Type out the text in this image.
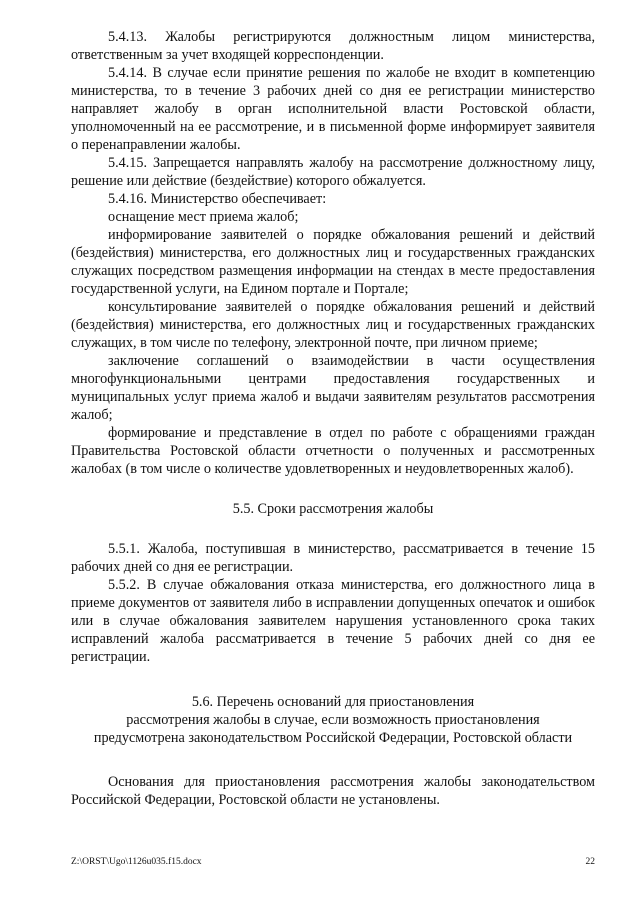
5.4.13. Жалобы регистрируются должностным лицом министерства, ответственным за учет входящей корреспонденции.

5.4.14. В случае если принятие решения по жалобе не входит в компетенцию министерства, то в течение 3 рабочих дней со дня ее регистрации министерство направляет жалобу в орган исполнительной власти Ростовской области, уполномоченный на ее рассмотрение, и в письменной форме информирует заявителя о перенаправлении жалобы.

5.4.15. Запрещается направлять жалобу на рассмотрение должностному лицу, решение или действие (бездействие) которого обжалуется.

5.4.16. Министерство обеспечивает:

оснащение мест приема жалоб;

информирование заявителей о порядке обжалования решений и действий (бездействия) министерства, его должностных лиц и государственных гражданских служащих посредством размещения информации на стендах в месте предоставления государственной услуги, на Едином портале и Портале;

консультирование заявителей о порядке обжалования решений и действий (бездействия) министерства, его должностных лиц и государственных гражданских служащих, в том числе по телефону, электронной почте, при личном приеме;

заключение соглашений о взаимодействии в части осуществления многофункциональными центрами предоставления государственных и муниципальных услуг приема жалоб и выдачи заявителям результатов рассмотрения жалоб;

формирование и представление в отдел по работе с обращениями граждан Правительства Ростовской области отчетности о полученных и рассмотренных жалобах (в том числе о количестве удовлетворенных и неудовлетворенных жалоб).

5.5. Сроки рассмотрения жалобы

5.5.1. Жалоба, поступившая в министерство, рассматривается в течение 15 рабочих дней со дня ее регистрации.

5.5.2. В случае обжалования отказа министерства, его должностного лица в приеме документов от заявителя либо в исправлении допущенных опечаток и ошибок или в случае обжалования заявителем нарушения установленного срока таких исправлений жалоба рассматривается в течение 5 рабочих дней со дня ее регистрации.

5.6. Перечень оснований для приостановления
рассмотрения жалобы в случае, если возможность приостановления
предусмотрена законодательством Российской Федерации, Ростовской области

Основания для приостановления рассмотрения жалобы законодательством Российской Федерации, Ростовской области не установлены.

Z:\ORST\Ugo\1126u035.f15.docx	22
